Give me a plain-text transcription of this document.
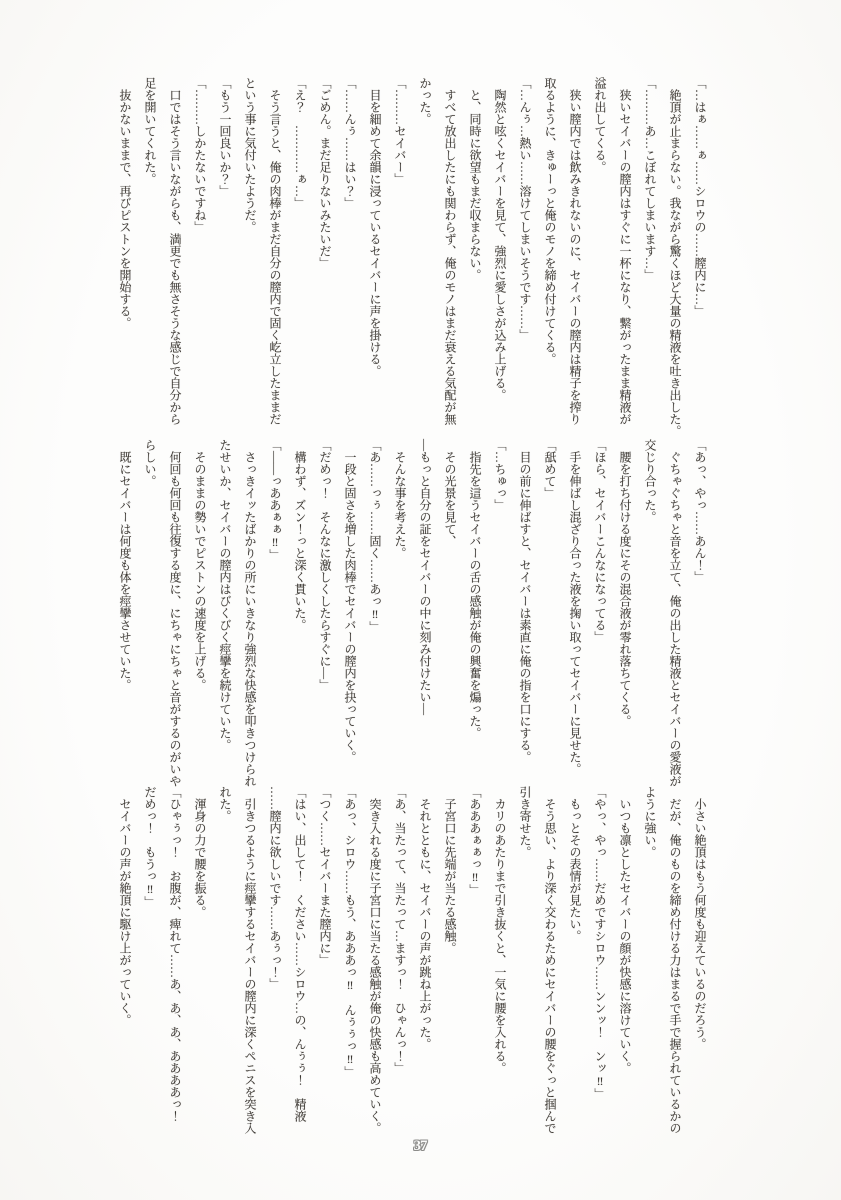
「…はぁ……ぁ……シロウの……膣内に…」

　絶頂が止まらない。我ながら驚くほど大量の精液を吐き出した。

「………あ…こぼれてしまいます…」

　狭いセイバーの膣内はすぐに一杯になり、繋がったまま精液が

溢れ出してくる。

　狭い膣内では飲みきれないのに、セイバーの膣内は精子を搾り

取るように、きゅーっと俺のモノを締め付けてくる。

「…んぅ…熱い……溶けてしまいそうです……」

　陶然と呟くセイバーを見て、強烈に愛しさが込み上げる。

　と、同時に欲望もまだ収まらない。

　すべて放出したにも関わらず、俺のモノはまだ衰える気配が無

かった。

「………セイバー」

　目を細めて余韻に浸っているセイバーに声を掛ける。

「……んぅ……はい？」

「ごめん。まだ足りないみたいだ」

「え？　…………ぁ…」

　そう言うと、俺の肉棒がまだ自分の膣内で固く屹立したままだ

という事に気付いたようだ。

「もう一回良いか？」

「………しかたないですね」

　口ではそう言いながらも、満更でも無さそうな感じで自分から

足を開いてくれた。

　抜かないままで、再びピストンを開始する。

「あっ、やっ……あん！」

　ぐちゃぐちゃと音を立て、俺の出した精液とセイバーの愛液が

交じり合った。

　腰を打ち付ける度にその混合液が零れ落ちてくる。

「ほら、セイバーこんなになってる」

　手を伸ばし混ざり合った液を掬い取ってセイバーに見せた。

「舐めて」

　目の前に伸ばすと、セイバーは素直に俺の指を口にする。

「…ちゅっ」

　指先を這うセイバーの舌の感触が俺の興奮を煽った。

　その光景を見て、

―もっと自分の証をセイバーの中に刻み付けたい―

　そんな事を考えた。

「あ……っぅ……固く……あっ‼」

　一段と固さを増した肉棒でセイバーの膣内を抉っていく。

「だめっ！　そんなに激しくしたらすぐに―」

　構わず、ズン！っと深く貫いた。

「――っああぁぁ‼」

　さっきイッたばかりの所にいきなり強烈な快感を叩きつけられ

たせいか、セイバーの膣内はびくびく痙攣を続けていた。

　そのままの勢いでピストンの速度を上げる。

　何回も何回も往復する度に、にちゃにちゃと音がするのがいや

らしい。

　既にセイバーは何度も体を痙攣させていた。

　小さい絶頂はもう何度も迎えているのだろう。

　だが、俺のものを締め付ける力はまるで手で握られているかの

ように強い。

　いつも凛としたセイバーの顔が快感に溶けていく。

「やっ、やっ……だめですシロウ……ンンッ！　ンッ‼」

　もっとその表情が見たい。

　そう思い、より深く交わるためにセイバーの腰をぐっと掴んで

引き寄せた。

　カリのあたりまで引き抜くと、一気に腰を入れる。

「あああぁぁっ‼」

　子宮口に先端が当たる感触。

　それとともに、セイバーの声が跳ね上がった。

「あ、当たって、当たって…ますっ！　ひゃんっ！」

　突き入れる度に子宮口に当たる感触が俺の快感も高めていく。

「あっ、シロウ……もう、あああっ‼　んぅぅっ‼」

「つく……セイバーまた膣内に」

「はい、出して！　ください……シロウ…の、んぅぅ！　精液

……膣内に欲しいです……あぅっ！」

　引きつるように痙攣するセイバーの膣内に深くペニスを突き入

れた。

　渾身の力で腰を振る。

「ひゃぅっ！　お腹が、痺れて……あ、あ、あ、ああああっ！

だめっ！　もうっ‼」

　セイバーの声が絶頂に駆け上がっていく。

37
